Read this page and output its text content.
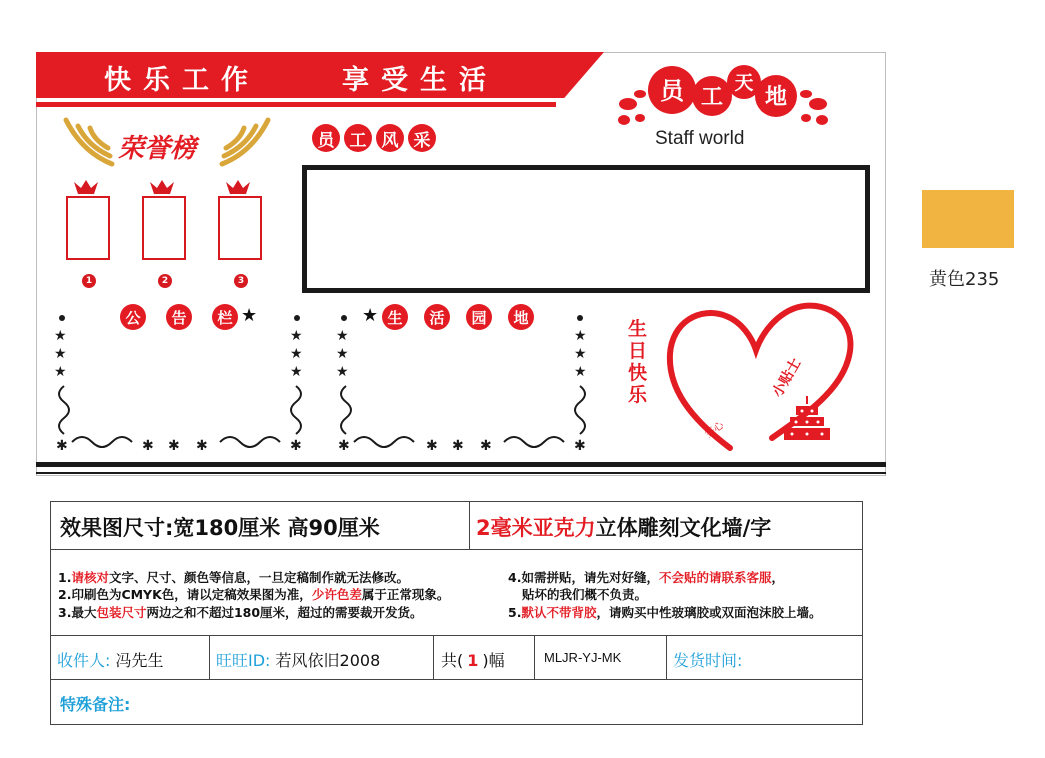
快乐工作	享受生活	员 工
天
地
Staff world
荣誉榜
1	2	3
员 工 风 采
公	告	栏 ★	★ 生	活	园	地
★
★
★
★
★
★
✱	✱ ✱ ✱	✱
★
★
★
★
★
★
✱	✱ ✱ ✱	✱
生日快乐	小贴士
签心
效果图尺寸:宽180厘米 高90厘米	2毫米亚克力立体雕刻文化墙/字
1.请核对文字、尺寸、颜色等信息，一旦定稿制作就无法修改。
2.印刷色为CMYK色，请以定稿效果图为准，少许色差属于正常现象。
3.最大包装尺寸两边之和不超过180厘米，超过的需要裁开发货。
4.如需拼贴，请先对好缝，不会贴的请联系客服，
贴坏的我们概不负责。
5.默认不带背胶，请购买中性玻璃胶或双面泡沫胶上墙。
收件人: 冯先生	旺旺ID: 若风依旧2008	共( 1 )幅	MLJR-YJ-MK	发货时间:
特殊备注:
黄色235
